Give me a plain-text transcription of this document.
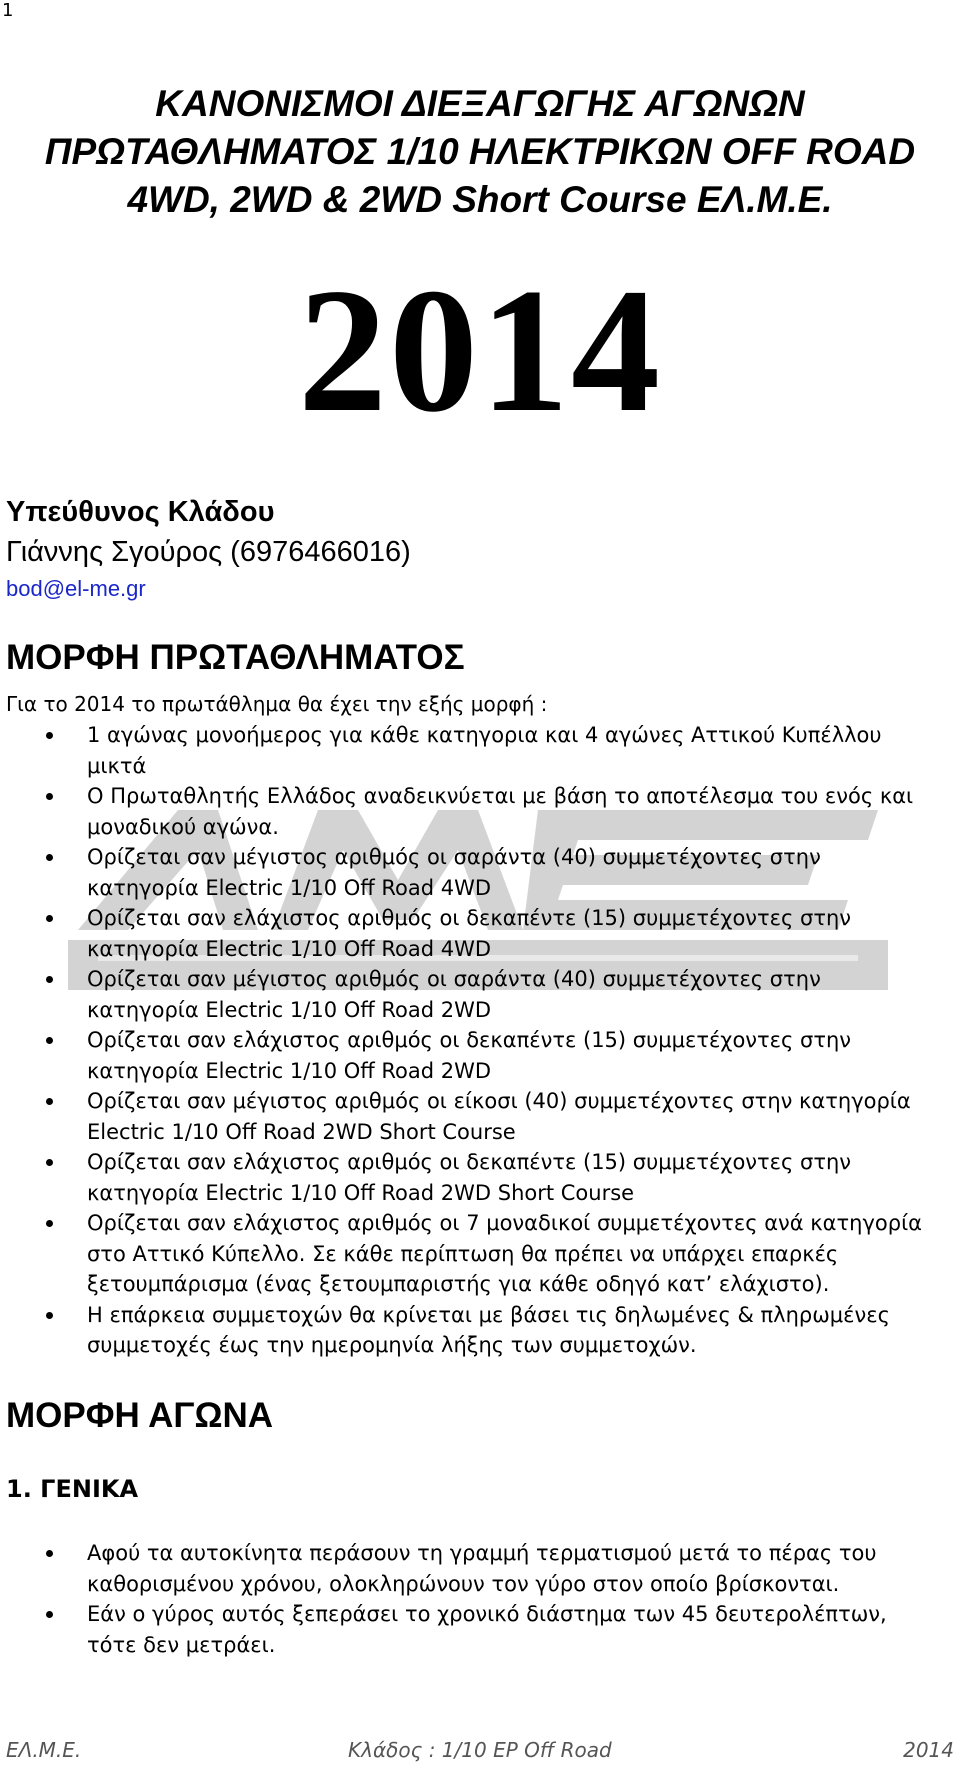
1
ΚΑΝΟΝΙΣΜΟΙ ΔΙΕΞΑΓΩΓΗΣ ΑΓΩΝΩΝ
ΠΡΩΤΑΘΛΗΜΑΤΟΣ 1/10 ΗΛΕΚΤΡΙΚΩΝ OFF ROAD
4WD, 2WD & 2WD Short Course ΕΛ.Μ.Ε.
2014
Υπεύθυνος Κλάδου
Γιάννης Σγούρος (6976466016)
bod@el-me.gr
ΜΟΡΦΗ ΠΡΩΤΑΘΛΗΜΑΤΟΣ
Για το 2014 το πρωτάθλημα θα έχει την εξής μορφή :
1 αγώνας μονοήμερος για κάθε κατηγορια και 4 αγώνες Αττικού Κυπέλλου
μικτά
Ο Πρωταθλητής Ελλάδος αναδεικνύεται με βάση το αποτέλεσμα του ενός και
μοναδικού αγώνα.
Ορίζεται σαν μέγιστος αριθμός οι σαράντα (40) συμμετέχοντες στην
κατηγορία Electric 1/10 Off Road 4WD
Ορίζεται σαν ελάχιστος αριθμός οι δεκαπέντε (15) συμμετέχοντες στην
κατηγορία Electric 1/10 Off Road 4WD
Ορίζεται σαν μέγιστος αριθμός οι σαράντα (40) συμμετέχοντες στην
κατηγορία Electric 1/10 Off Road 2WD
Ορίζεται σαν ελάχιστος αριθμός οι δεκαπέντε (15) συμμετέχοντες στην
κατηγορία Electric 1/10 Off Road 2WD
Ορίζεται σαν μέγιστος αριθμός οι είκοσι (40) συμμετέχοντες στην κατηγορία
Electric 1/10 Off Road 2WD Short Course
Ορίζεται σαν ελάχιστος αριθμός οι δεκαπέντε (15) συμμετέχοντες στην
κατηγορία Electric 1/10 Off Road 2WD Short Course
Ορίζεται σαν ελάχιστος αριθμός οι 7 μοναδικοί συμμετέχοντες ανά κατηγορία
στο Αττικό Κύπελλο. Σε κάθε περίπτωση θα πρέπει να υπάρχει επαρκές
ξετουμπάρισμα (ένας ξετουμπαριστής για κάθε οδηγό κατ’ ελάχιστο).
Η επάρκεια συμμετοχών θα κρίνεται με βάσει τις δηλωμένες & πληρωμένες
συμμετοχές έως την ημερομηνία λήξης των συμμετοχών.
ΜΟΡΦΗ ΑΓΩΝΑ
1. ΓΕΝΙΚΑ
Αφού τα αυτοκίνητα περάσουν τη γραμμή τερματισμού μετά το πέρας του
καθορισμένου χρόνου, ολοκληρώνουν τον γύρο στον οποίο βρίσκονται.
Εάν ο γύρος αυτός ξεπεράσει το χρονικό διάστημα των 45 δευτερολέπτων,
τότε δεν μετράει.
ΕΛ.Μ.Ε.	Κλάδος : 1/10 ΕΡ Off Road	2014
